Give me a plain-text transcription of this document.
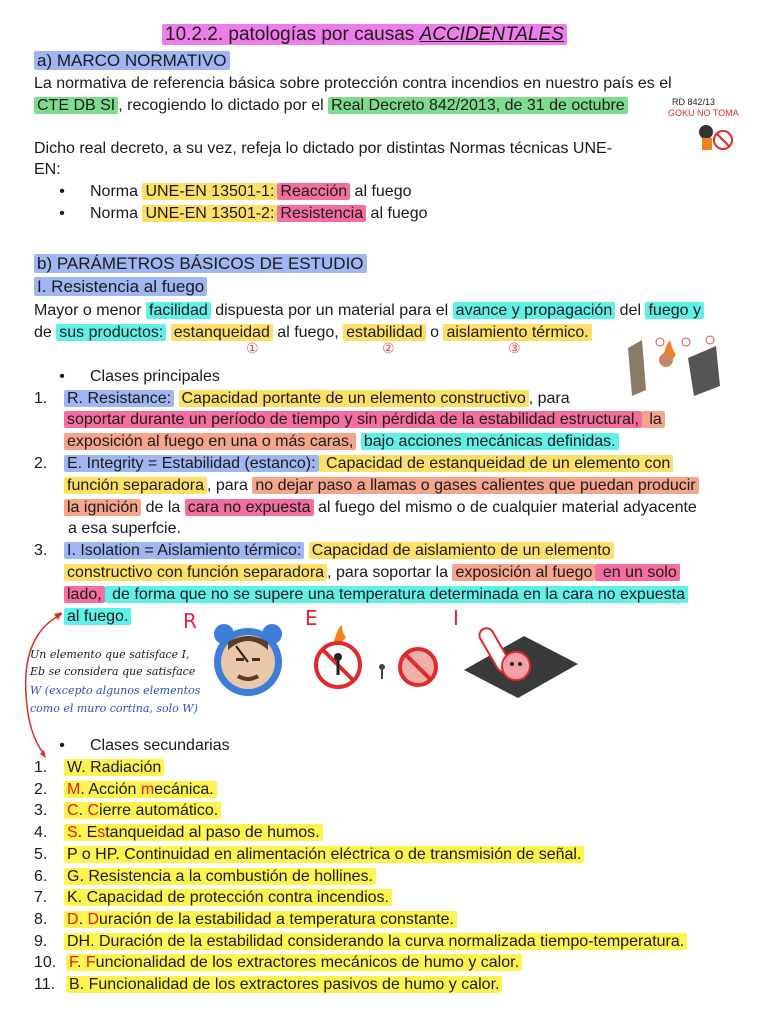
10.2.2. patologías por causas ACCIDENTALES
a) MARCO NORMATIVO
La normativa de referencia básica sobre protección contra incendios en nuestro país es el
CTE DB SI , recogiendo lo dictado por el Real Decreto 842/2013, de 31 de octubre	RD 842/13
GOKU NO TOMA
Dicho real decreto, a su vez, refeja lo dictado por distintas Normas técnicas UNE-
EN:
• Norma UNE-EN 13501-1: Reacción al fuego
• Norma UNE-EN 13501-2: Resistencia al fuego
b) PARÁMETROS BÁSICOS DE ESTUDIO
I. Resistencia al fuego
Mayor o menor facilidad dispuesta por un material para el avance y propagación del fuego y
de sus productos: estanqueidad al fuego, estabilidad o aislamiento térmico.
①	②	③
• Clases principales
1.	R. Resistance: Capacidad portante de un elemento constructivo , para
soportar durante un período de tiempo y sin pérdida de la estabilidad estructural, la
exposición al fuego en una o más caras, bajo acciones mecánicas definidas.
2.	E. Integrity = Estabilidad (estanco): Capacidad de estanqueidad de un elemento con
función separadora , para no dejar paso a llamas o gases calientes que puedan producir
la ignición de la cara no expuesta al fuego del mismo o de cualquier material adyacente
a esa superfcie.
3.	I. Isolation = Aislamiento térmico: Capacidad de aislamiento de un elemento
constructivo con función separadora , para soportar la exposición al fuego en un solo
lado, de forma que no se supere una temperatura determinada en la cara no expuesta
al fuego.	R	E	I
Un elemento que satisface I,
Eb se considera que satisface
W (excepto algunos elementos
como el muro cortina, solo W)
• Clases secundarias
1.	W. Radiación
2.	M. Acción mecánica.
3.	C. Cierre automático.
4.	S. Estanqueidad al paso de humos.
5.	P o HP. Continuidad en alimentación eléctrica o de transmisión de señal.
6.	G. Resistencia a la combustión de hollines.
7.	K. Capacidad de protección contra incendios.
8.	D. Duración de la estabilidad a temperatura constante.
9.	DH. Duración de la estabilidad considerando la curva normalizada tiempo-temperatura.
10. F. Funcionalidad de los extractores mecánicos de humo y calor.
11. B. Funcionalidad de los extractores pasivos de humo y calor.
